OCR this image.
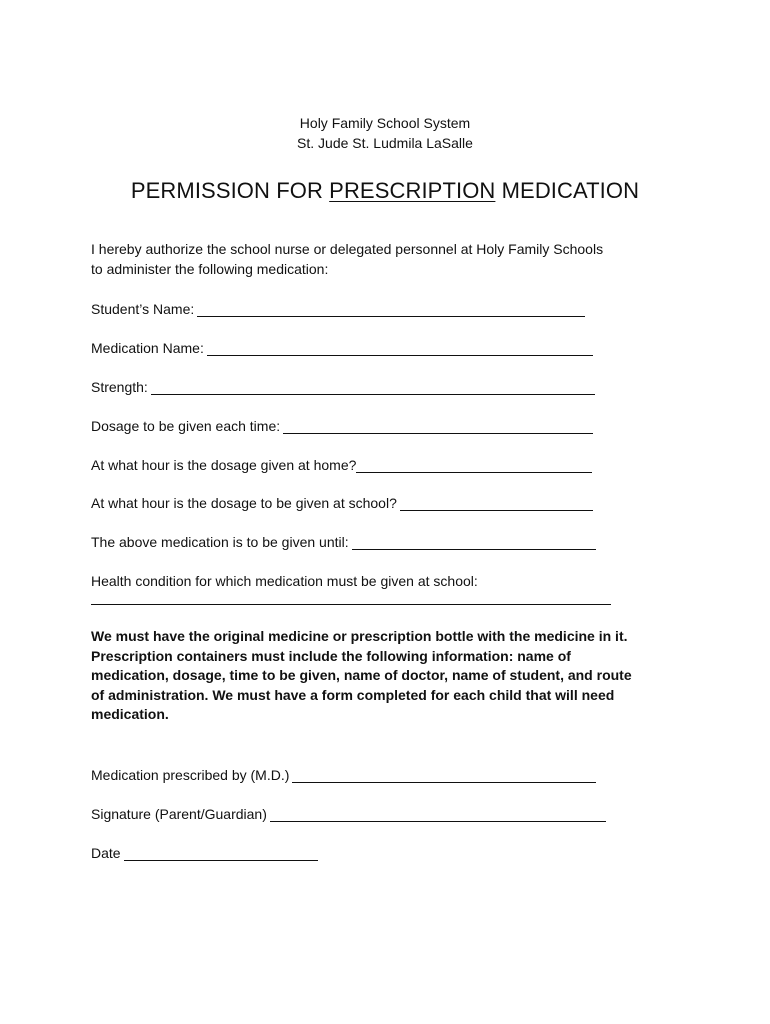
Holy Family School System
St. Jude St. Ludmila LaSalle
PERMISSION FOR PRESCRIPTION MEDICATION
I hereby authorize the school nurse or delegated personnel at Holy Family Schools
to administer the following medication:
Student’s Name:
Medication Name:
Strength:
Dosage to be given each time:
At what hour is the dosage given at home?
At what hour is the dosage to be given at school?
The above medication is to be given until:
Health condition for which medication must be given at school:
We must have the original medicine or prescription bottle with the medicine in it.
Prescription containers must include the following information: name of
medication, dosage, time to be given, name of doctor, name of student, and route
of administration. We must have a form completed for each child that will need
medication.
Medication prescribed by (M.D.)
Signature (Parent/Guardian)
Date
